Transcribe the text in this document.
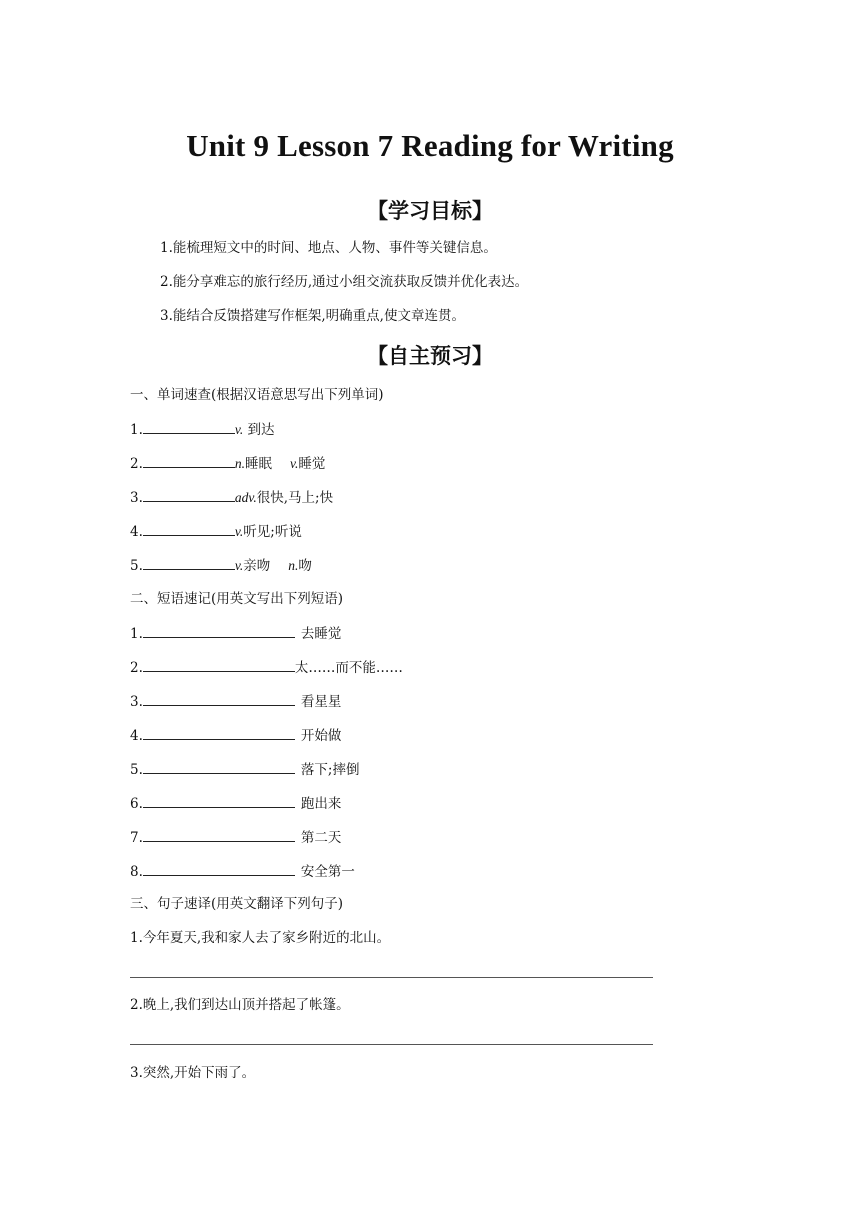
Unit 9 Lesson 7 Reading for Writing
【学习目标】
1.能梳理短文中的时间、地点、人物、事件等关键信息。
2.能分享难忘的旅行经历,通过小组交流获取反馈并优化表达。
3.能结合反馈搭建写作框架,明确重点,使文章连贯。
【自主预习】
一、单词速查(根据汉语意思写出下列单词)
1.	v. 到达
2.	n.睡眠 v.睡觉
3.	adv.很快,马上;快
4.	v.听见;听说
5.	v.亲吻 n.吻
二、短语速记(用英文写出下列短语)
1.	去睡觉
2.	太……而不能……
3.	看星星
4.	开始做
5.	落下;摔倒
6.	跑出来
7.	第二天
8.	安全第一
三、句子速译(用英文翻译下列句子)
1.今年夏天,我和家人去了家乡附近的北山。
2.晚上,我们到达山顶并搭起了帐篷。
3.突然,开始下雨了。
